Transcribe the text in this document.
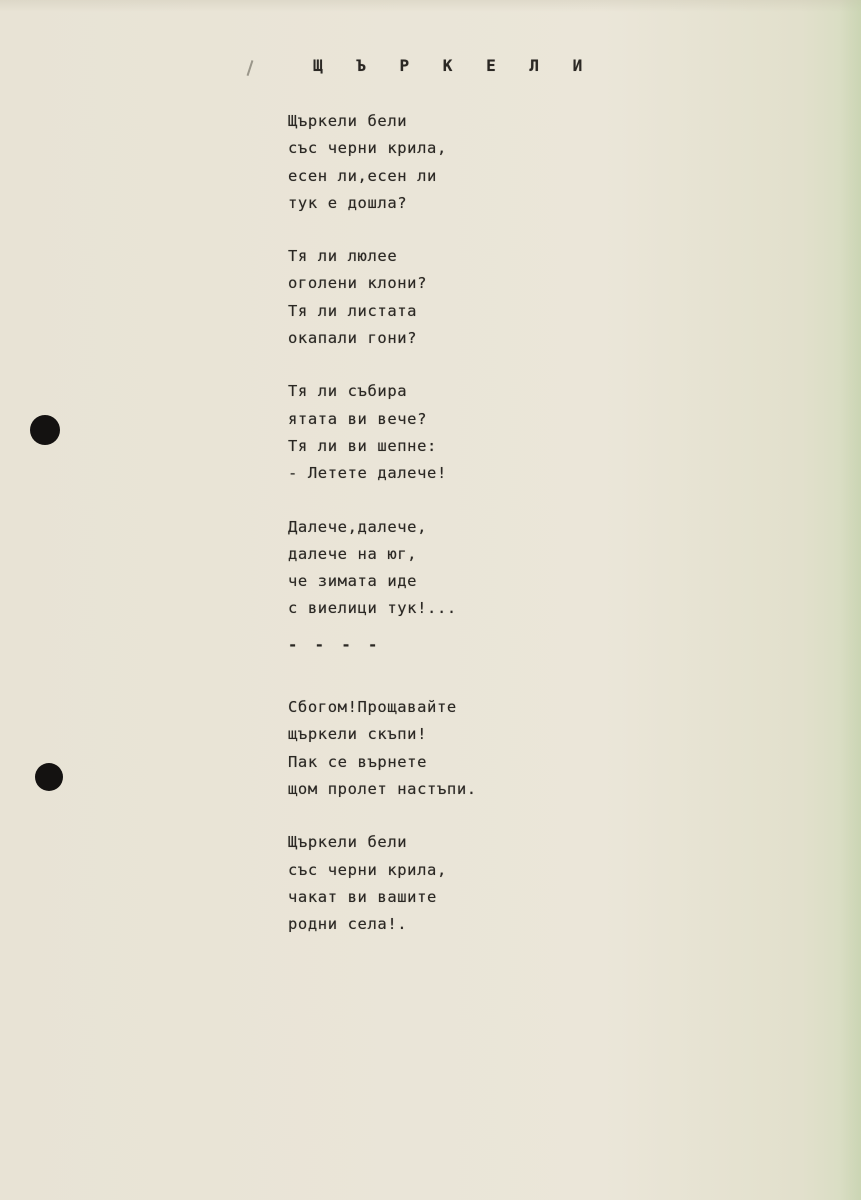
Щ Ъ Р К Е Л И
Щъркели бели
със черни крила,
есен ли,есен ли
тук е дошла?
Тя ли люлее
оголени клони?
Тя ли листата
окапали гони?
Тя ли събира
ятата ви вече?
Тя ли ви шепне:
- Летете далече!
Далече,далече,
далече на юг,
че зимата иде
с виелици тук!...
- - - -
Сбогом!Прощавайте
щъркели скъпи!
Пак се върнете
щом пролет настъпи.
Щъркели бели
със черни крила,
чакат ви вашите
родни села!.
